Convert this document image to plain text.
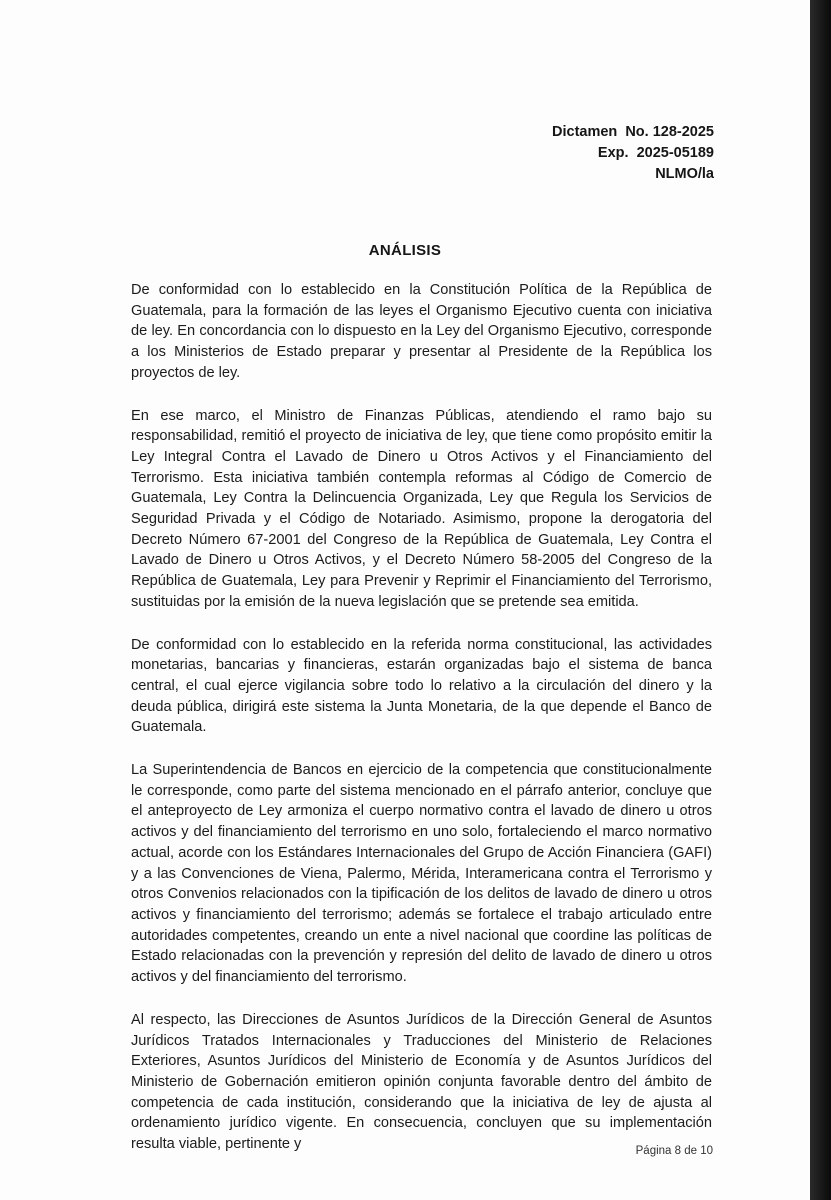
Dictamen  No. 128-2025
Exp.  2025-05189
NLMO/la
ANÁLISIS

De conformidad con lo establecido en la Constitución Política de la República de Guatemala, para la formación de las leyes el Organismo Ejecutivo cuenta con iniciativa de ley. En concordancia con lo dispuesto en la Ley del Organismo Ejecutivo, corresponde a los Ministerios de Estado preparar y presentar al Presidente de la República los proyectos de ley.

En ese marco, el Ministro de Finanzas Públicas, atendiendo el ramo bajo su responsabilidad, remitió el proyecto de iniciativa de ley, que tiene como propósito emitir la Ley Integral Contra el Lavado de Dinero u Otros Activos y el Financiamiento del Terrorismo. Esta iniciativa también contempla reformas al Código de Comercio de Guatemala, Ley Contra la Delincuencia Organizada, Ley que Regula los Servicios de Seguridad Privada y el Código de Notariado. Asimismo, propone la derogatoria del Decreto Número 67-2001 del Congreso de la República de Guatemala, Ley Contra el Lavado de Dinero u Otros Activos, y el Decreto Número 58-2005 del Congreso de la República de Guatemala, Ley para Prevenir y Reprimir el Financiamiento del Terrorismo, sustituidas por la emisión de la nueva legislación que se pretende sea emitida.

De conformidad con lo establecido en la referida norma constitucional, las actividades monetarias, bancarias y financieras, estarán organizadas bajo el sistema de banca central, el cual ejerce vigilancia sobre todo lo relativo a la circulación del dinero y la deuda pública, dirigirá este sistema la Junta Monetaria, de la que depende el Banco de Guatemala.

La Superintendencia de Bancos en ejercicio de la competencia que constitucionalmente le corresponde, como parte del sistema mencionado en el párrafo anterior, concluye que el anteproyecto de Ley armoniza el cuerpo normativo contra el lavado de dinero u otros activos y del financiamiento del terrorismo en uno solo, fortaleciendo el marco normativo actual, acorde con los Estándares Internacionales del Grupo de Acción Financiera (GAFI) y a las Convenciones de Viena, Palermo, Mérida, Interamericana contra el Terrorismo y otros Convenios relacionados con la tipificación de los delitos de lavado de dinero u otros activos y financiamiento del terrorismo; además se fortalece el trabajo articulado entre autoridades competentes, creando un ente a nivel nacional que coordine las políticas de Estado relacionadas con la prevención y represión del delito de lavado de dinero u otros activos y del financiamiento del terrorismo.

Al respecto, las Direcciones de Asuntos Jurídicos de la Dirección General de Asuntos Jurídicos Tratados Internacionales y Traducciones del Ministerio de Relaciones Exteriores, Asuntos Jurídicos del Ministerio de Economía y de Asuntos Jurídicos del Ministerio de Gobernación emitieron opinión conjunta favorable dentro del ámbito de competencia de cada institución, considerando que la iniciativa de ley de ajusta al ordenamiento jurídico vigente. En consecuencia, concluyen que su implementación resulta viable, pertinente y	Página 8 de 10
